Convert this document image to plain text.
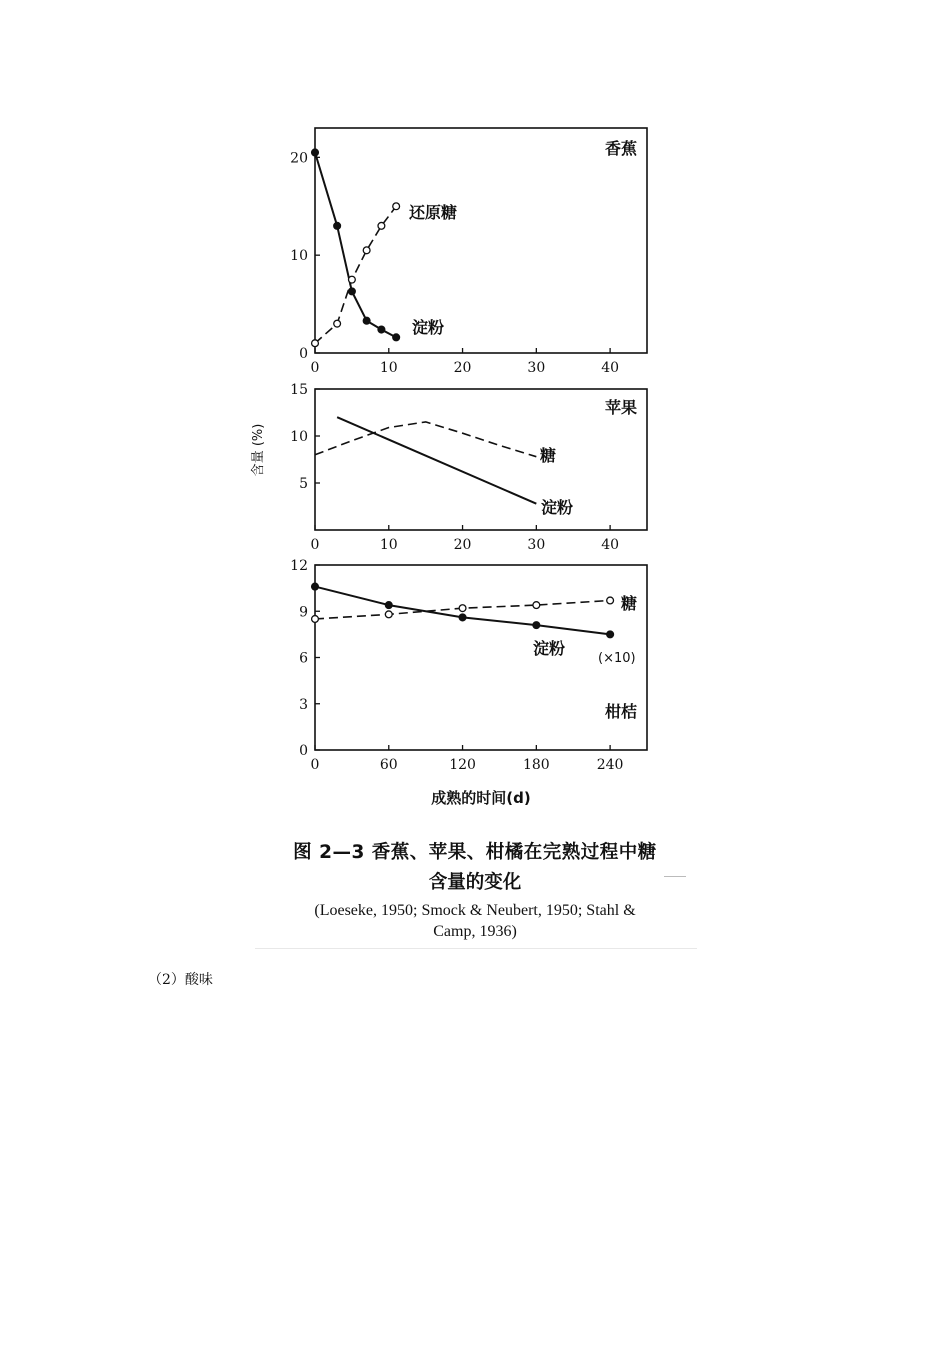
0	10	20	30	40
0
10
20
香蕉
0	10	20	30	40
5
10
15
苹果
0	60	120	180	240
0
3
6
9
12
柑桔
还原糖
淀粉
糖
淀粉
糖
淀粉
(×10)
含量 (%)
成熟的时间(d)
图 2—3 香蕉、苹果、柑橘在完熟过程中糖
含量的变化
(Loeseke, 1950; Smock & Neubert, 1950; Stahl &
Camp, 1936)
（2）酸味
